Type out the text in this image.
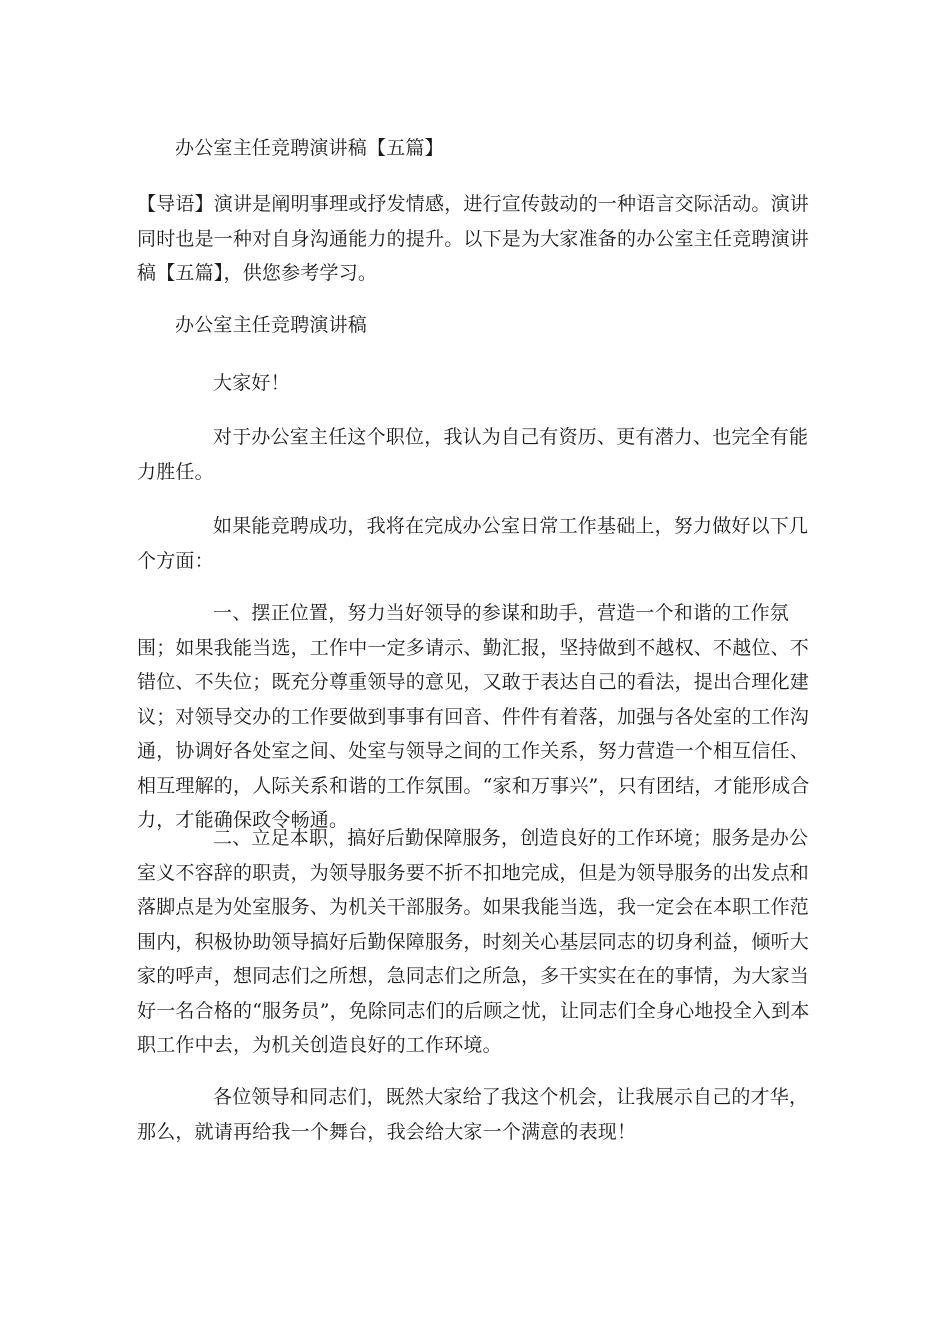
办公室主任竞聘演讲稿【五篇】

【导语】演讲是阐明事理或抒发情感，进行宣传鼓动的一种语言交际活动。演讲同时也是一种对自身沟通能力的提升。以下是为大家准备的办公室主任竞聘演讲稿【五篇】，供您参考学习。

办公室主任竞聘演讲稿

大家好！

对于办公室主任这个职位，我认为自己有资历、更有潜力、也完全有能力胜任。

如果能竞聘成功，我将在完成办公室日常工作基础上，努力做好以下几个方面：

一、摆正位置，努力当好领导的参谋和助手，营造一个和谐的工作氛围；如果我能当选，工作中一定多请示、勤汇报，坚持做到不越权、不越位、不错位、不失位；既充分尊重领导的意见，又敢于表达自己的看法，提出合理化建议；对领导交办的工作要做到事事有回音、件件有着落，加强与各处室的工作沟通，协调好各处室之间、处室与领导之间的工作关系，努力营造一个相互信任、相互理解的，人际关系和谐的工作氛围。“家和万事兴”，只有团结，才能形成合力，才能确保政令畅通。

二、立足本职，搞好后勤保障服务，创造良好的工作环境；服务是办公室义不容辞的职责，为领导服务要不折不扣地完成，但是为领导服务的出发点和落脚点是为处室服务、为机关干部服务。如果我能当选，我一定会在本职工作范围内，积极协助领导搞好后勤保障服务，时刻关心基层同志的切身利益，倾听大家的呼声，想同志们之所想，急同志们之所急，多干实实在在的事情，为大家当好一名合格的“服务员”，免除同志们的后顾之忧，让同志们全身心地投全入到本职工作中去，为机关创造良好的工作环境。

各位领导和同志们，既然大家给了我这个机会，让我展示自己的才华，那么，就请再给我一个舞台，我会给大家一个满意的表现！
